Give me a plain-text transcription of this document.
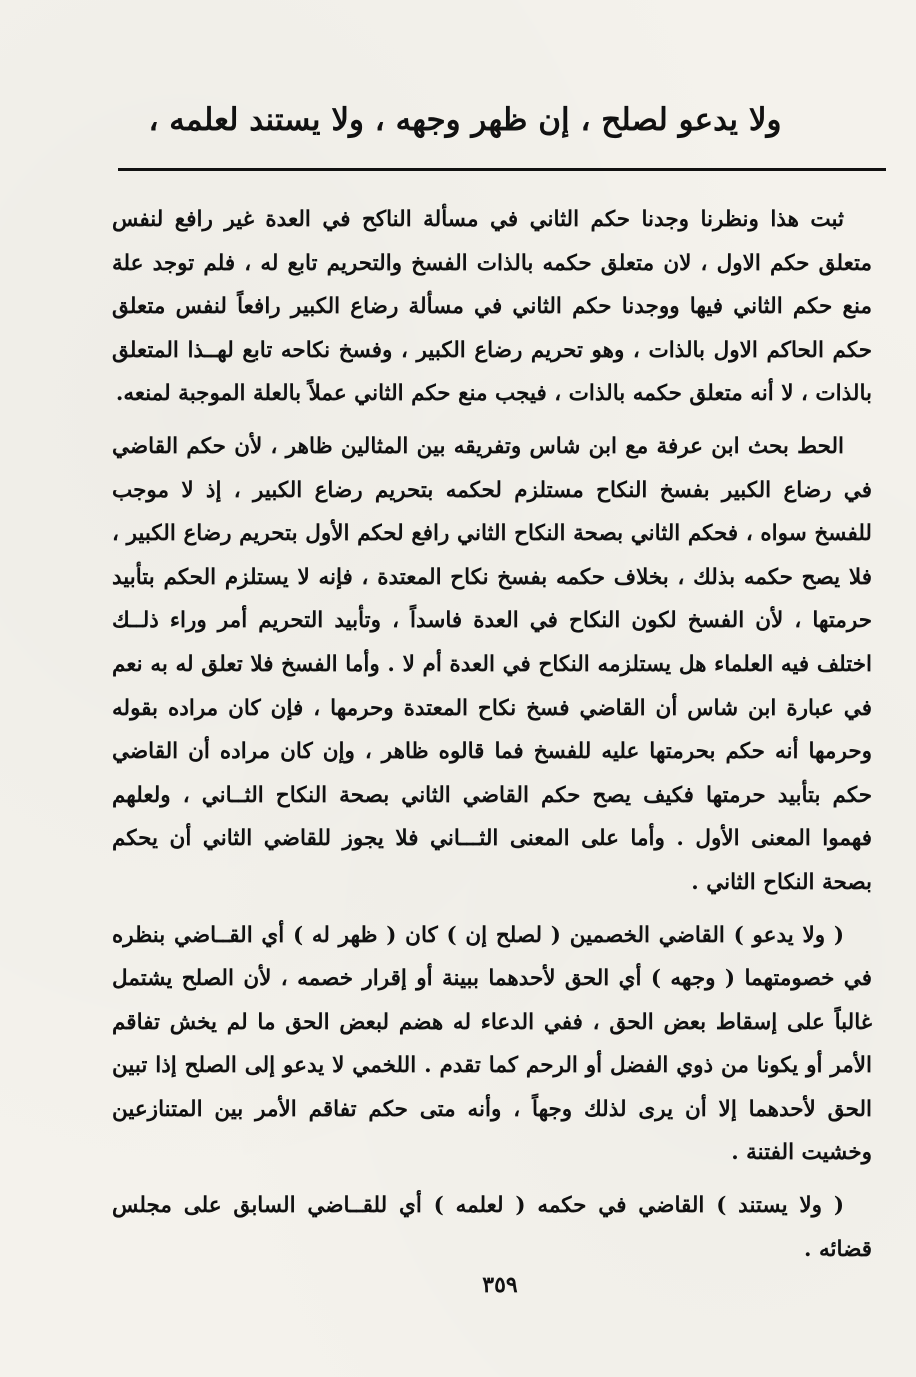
ولا يدعو لصلح ، إن ظهر وجهه ، ولا يستند لعلمه ،

ثبت هذا ونظرنا وجدنا حكم الثاني في مسألة الناكح في العدة غير رافع لنفس متعلق حكم الاول ، لان متعلق حكمه بالذات الفسخ والتحريم تابع له ، فلم توجد علة منع حكم الثاني فيها ووجدنا حكم الثاني في مسألة رضاع الكبير رافعاً لنفس متعلق حكم الحاكم الاول بالذات ، وهو تحريم رضاع الكبير ، وفسخ نكاحه تابع لهــذا المتعلق بالذات ، لا أنه متعلق حكمه بالذات ، فيجب منع حكم الثاني عملاً بالعلة الموجبة لمنعه.

الحط بحث ابن عرفة مع ابن شاس وتفريقه بين المثالين ظاهر ، لأن حكم القاضي في رضاع الكبير بفسخ النكاح مستلزم لحكمه بتحريم رضاع الكبير ، إذ لا موجب للفسخ سواه ، فحكم الثاني بصحة النكاح الثاني رافع لحكم الأول بتحريم رضاع الكبير ، فلا يصح حكمه بذلك ، بخلاف حكمه بفسخ نكاح المعتدة ، فإنه لا يستلزم الحكم بتأبيد حرمتها ، لأن الفسخ لكون النكاح في العدة فاسداً ، وتأبيد التحريم أمر وراء ذلــك اختلف فيه العلماء هل يستلزمه النكاح في العدة أم لا . وأما الفسخ فلا تعلق له به نعم في عبارة ابن شاس أن القاضي فسخ نكاح المعتدة وحرمها ، فإن كان مراده بقوله وحرمها أنه حكم بحرمتها عليه للفسخ فما قالوه ظاهر ، وإن كان مراده أن القاضي حكم بتأبيد حرمتها فكيف يصح حكم القاضي الثاني بصحة النكاح الثــاني ، ولعلهم فهموا المعنى الأول . وأما على المعنى الثـــاني فلا يجوز للقاضي الثاني أن يحكم بصحة النكاح الثاني .

( ولا يدعو ) القاضي الخصمين ( لصلح إن ) كان ( ظهر له ) أي القــاضي بنظره في خصومتهما ( وجهه ) أي الحق لأحدهما ببينة أو إقرار خصمه ، لأن الصلح يشتمل غالباً على إسقاط بعض الحق ، ففي الدعاء له هضم لبعض الحق ما لم يخش تفاقم الأمر أو يكونا من ذوي الفضل أو الرحم كما تقدم . اللخمي لا يدعو إلى الصلح إذا تبين الحق لأحدهما إلا أن يرى لذلك وجهاً ، وأنه متى حكم تفاقم الأمر بين المتنازعين وخشيت الفتنة .

( ولا يستند ) القاضي في حكمه ( لعلمه ) أي للقــاضي السابق على مجلس قضائه .

٣٥٩
